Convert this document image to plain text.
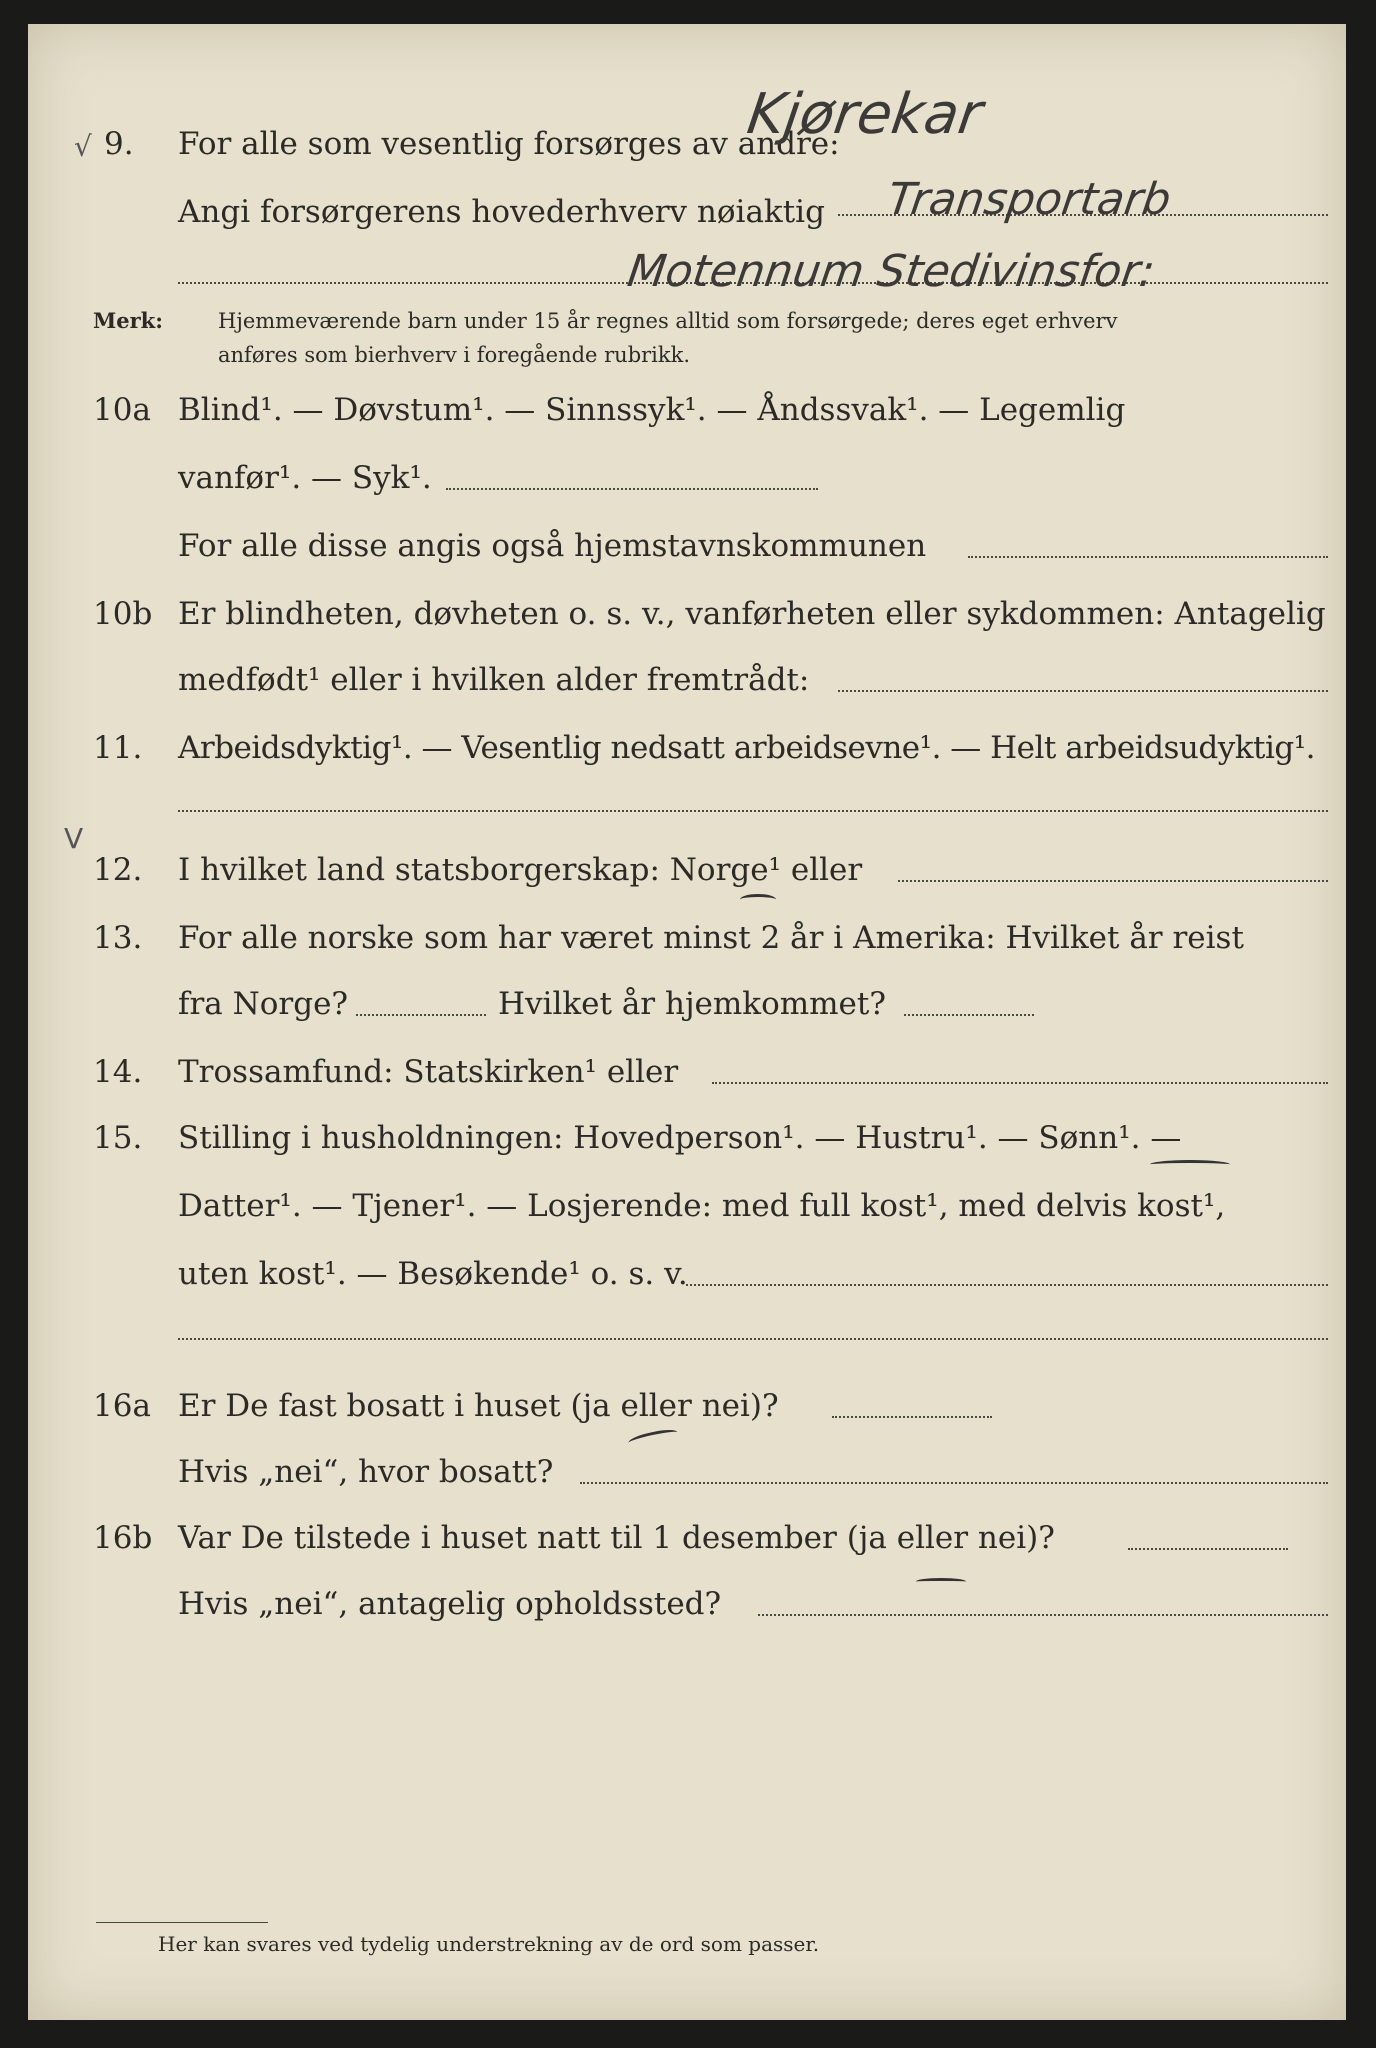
√ 9. For alle som vesentlig forsørges av andre:
Kjørekar
Angi forsørgerens hovederhverv nøiaktig Transportarb
Motennum Stedivinsfor:
Merk:	Hjemmeværende barn under 15 år regnes alltid som forsørgede; deres eget erhverv
anføres som bierhverv i foregående rubrikk.
10a Blind¹. — Døvstum¹. — Sinnssyk¹. — Åndssvak¹. — Legemlig
vanfør¹. — Syk¹.
For alle disse angis også hjemstavnskommunen
10b Er blindheten, døvheten o. s. v., vanførheten eller sykdommen: Antagelig
medfødt¹ eller i hvilken alder fremtrådt:
11. Arbeidsdyktig¹. — Vesentlig nedsatt arbeidsevne¹. — Helt arbeidsudyktig¹.
V
12. I hvilket land statsborgerskap: Norge¹ eller
13. For alle norske som har været minst 2 år i Amerika: Hvilket år reist
fra Norge?	Hvilket år hjemkommet?
14. Trossamfund: Statskirken¹ eller
15. Stilling i husholdningen: Hovedperson¹. — Hustru¹. — Sønn¹. —
Datter¹. — Tjener¹. — Losjerende: med full kost¹, med delvis kost¹,
uten kost¹. — Besøkende¹ o. s. v.
16a Er De fast bosatt i huset (ja eller nei)?
Hvis „nei“, hvor bosatt?
16b Var De tilstede i huset natt til 1 desember (ja eller nei)?
Hvis „nei“, antagelig opholdssted?
Her kan svares ved tydelig understrekning av de ord som passer.
